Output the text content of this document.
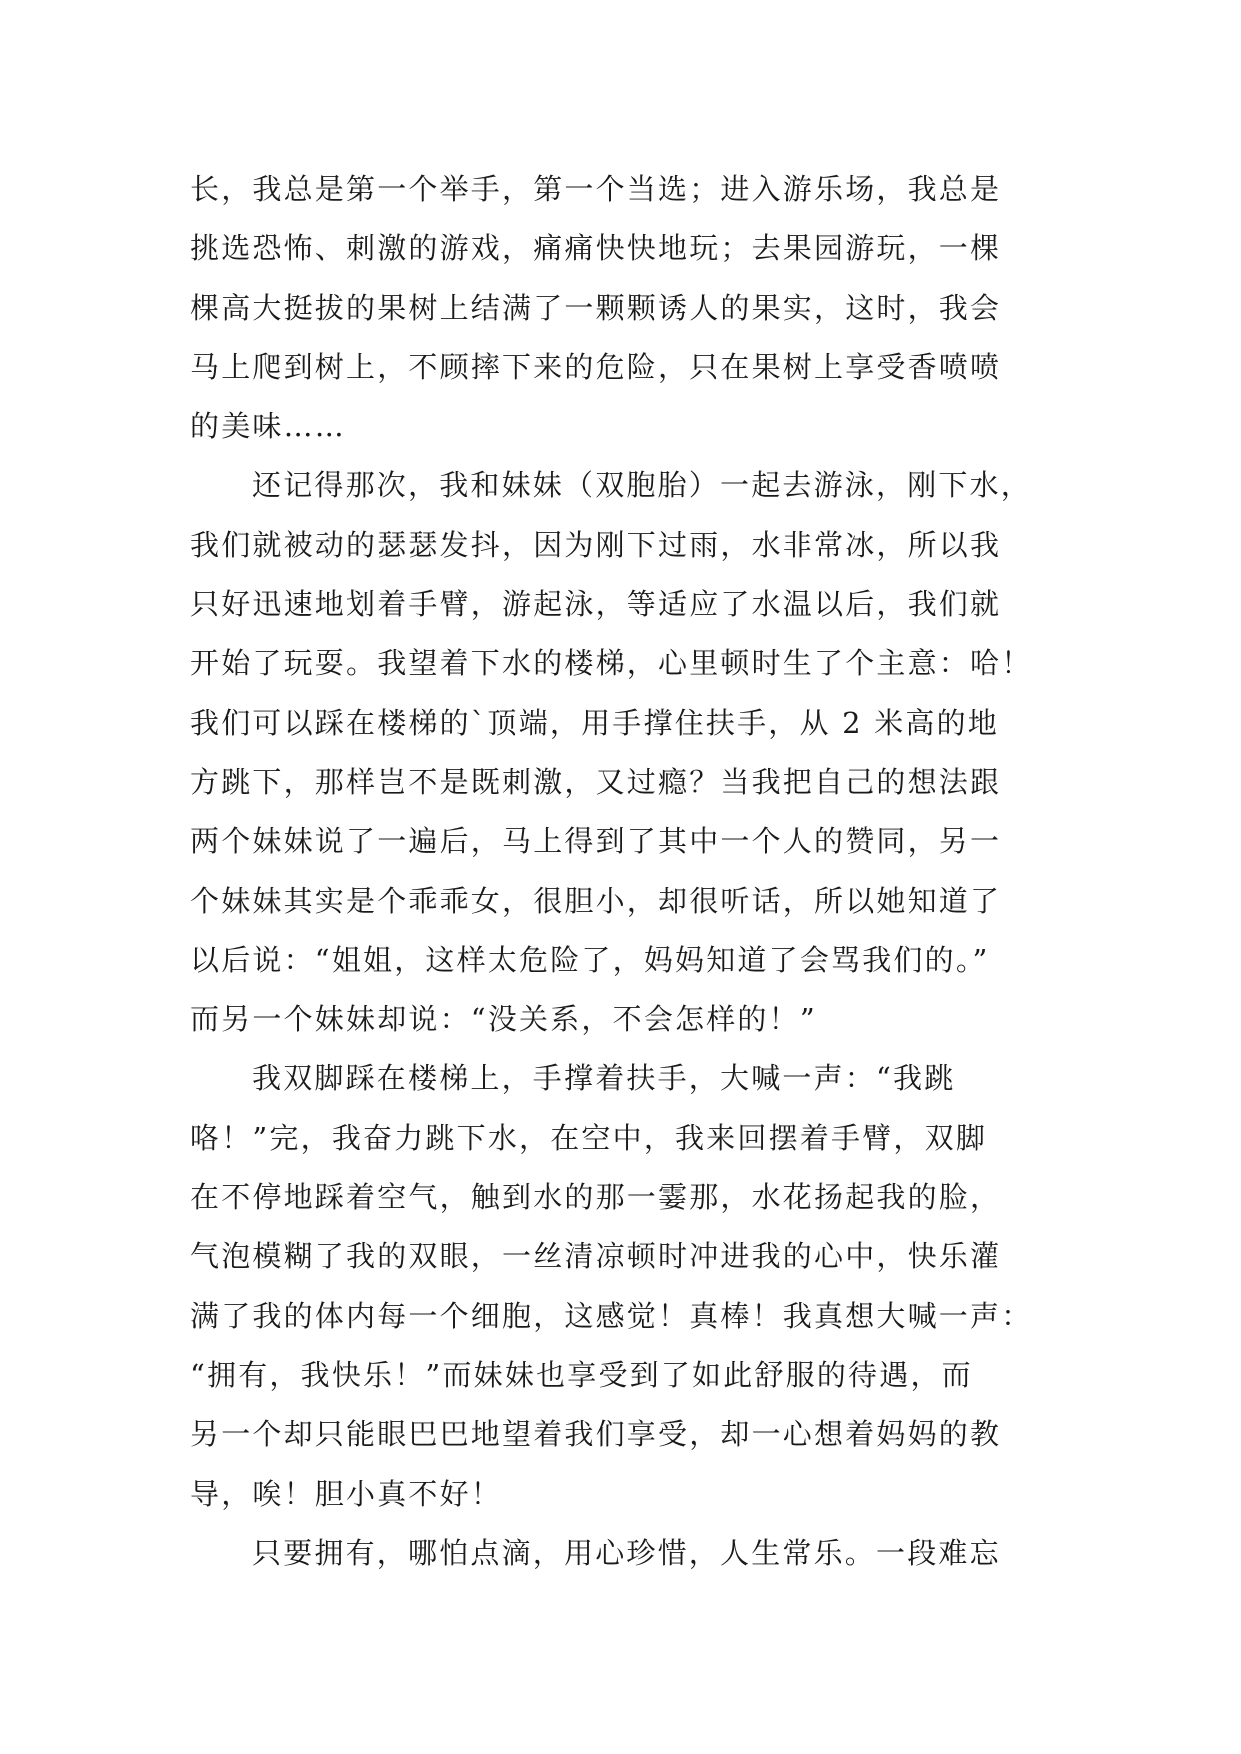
长，我总是第一个举手，第一个当选；进入游乐场，我总是
挑选恐怖、刺激的游戏，痛痛快快地玩；去果园游玩，一棵
棵高大挺拔的果树上结满了一颗颗诱人的果实，这时，我会
马上爬到树上，不顾摔下来的危险，只在果树上享受香喷喷
的美味……
还记得那次，我和妹妹（双胞胎）一起去游泳，刚下水，
我们就被动的瑟瑟发抖，因为刚下过雨，水非常冰，所以我
只好迅速地划着手臂，游起泳，等适应了水温以后，我们就
开始了玩耍。我望着下水的楼梯，心里顿时生了个主意：哈！
我们可以踩在楼梯的`顶端，用手撑住扶手，从 2 米高的地
方跳下，那样岂不是既刺激，又过瘾？当我把自己的想法跟
两个妹妹说了一遍后，马上得到了其中一个人的赞同，另一
个妹妹其实是个乖乖女，很胆小，却很听话，所以她知道了
以后说：“姐姐，这样太危险了，妈妈知道了会骂我们的。”
而另一个妹妹却说：“没关系，不会怎样的！”
我双脚踩在楼梯上，手撑着扶手，大喊一声：“我跳
咯！”完，我奋力跳下水，在空中，我来回摆着手臂，双脚
在不停地踩着空气，触到水的那一霎那，水花扬起我的脸，
气泡模糊了我的双眼，一丝清凉顿时冲进我的心中，快乐灌
满了我的体内每一个细胞，这感觉！真棒！我真想大喊一声：
“拥有，我快乐！”而妹妹也享受到了如此舒服的待遇，而
另一个却只能眼巴巴地望着我们享受，却一心想着妈妈的教
导，唉！胆小真不好！
只要拥有，哪怕点滴，用心珍惜，人生常乐。一段难忘
